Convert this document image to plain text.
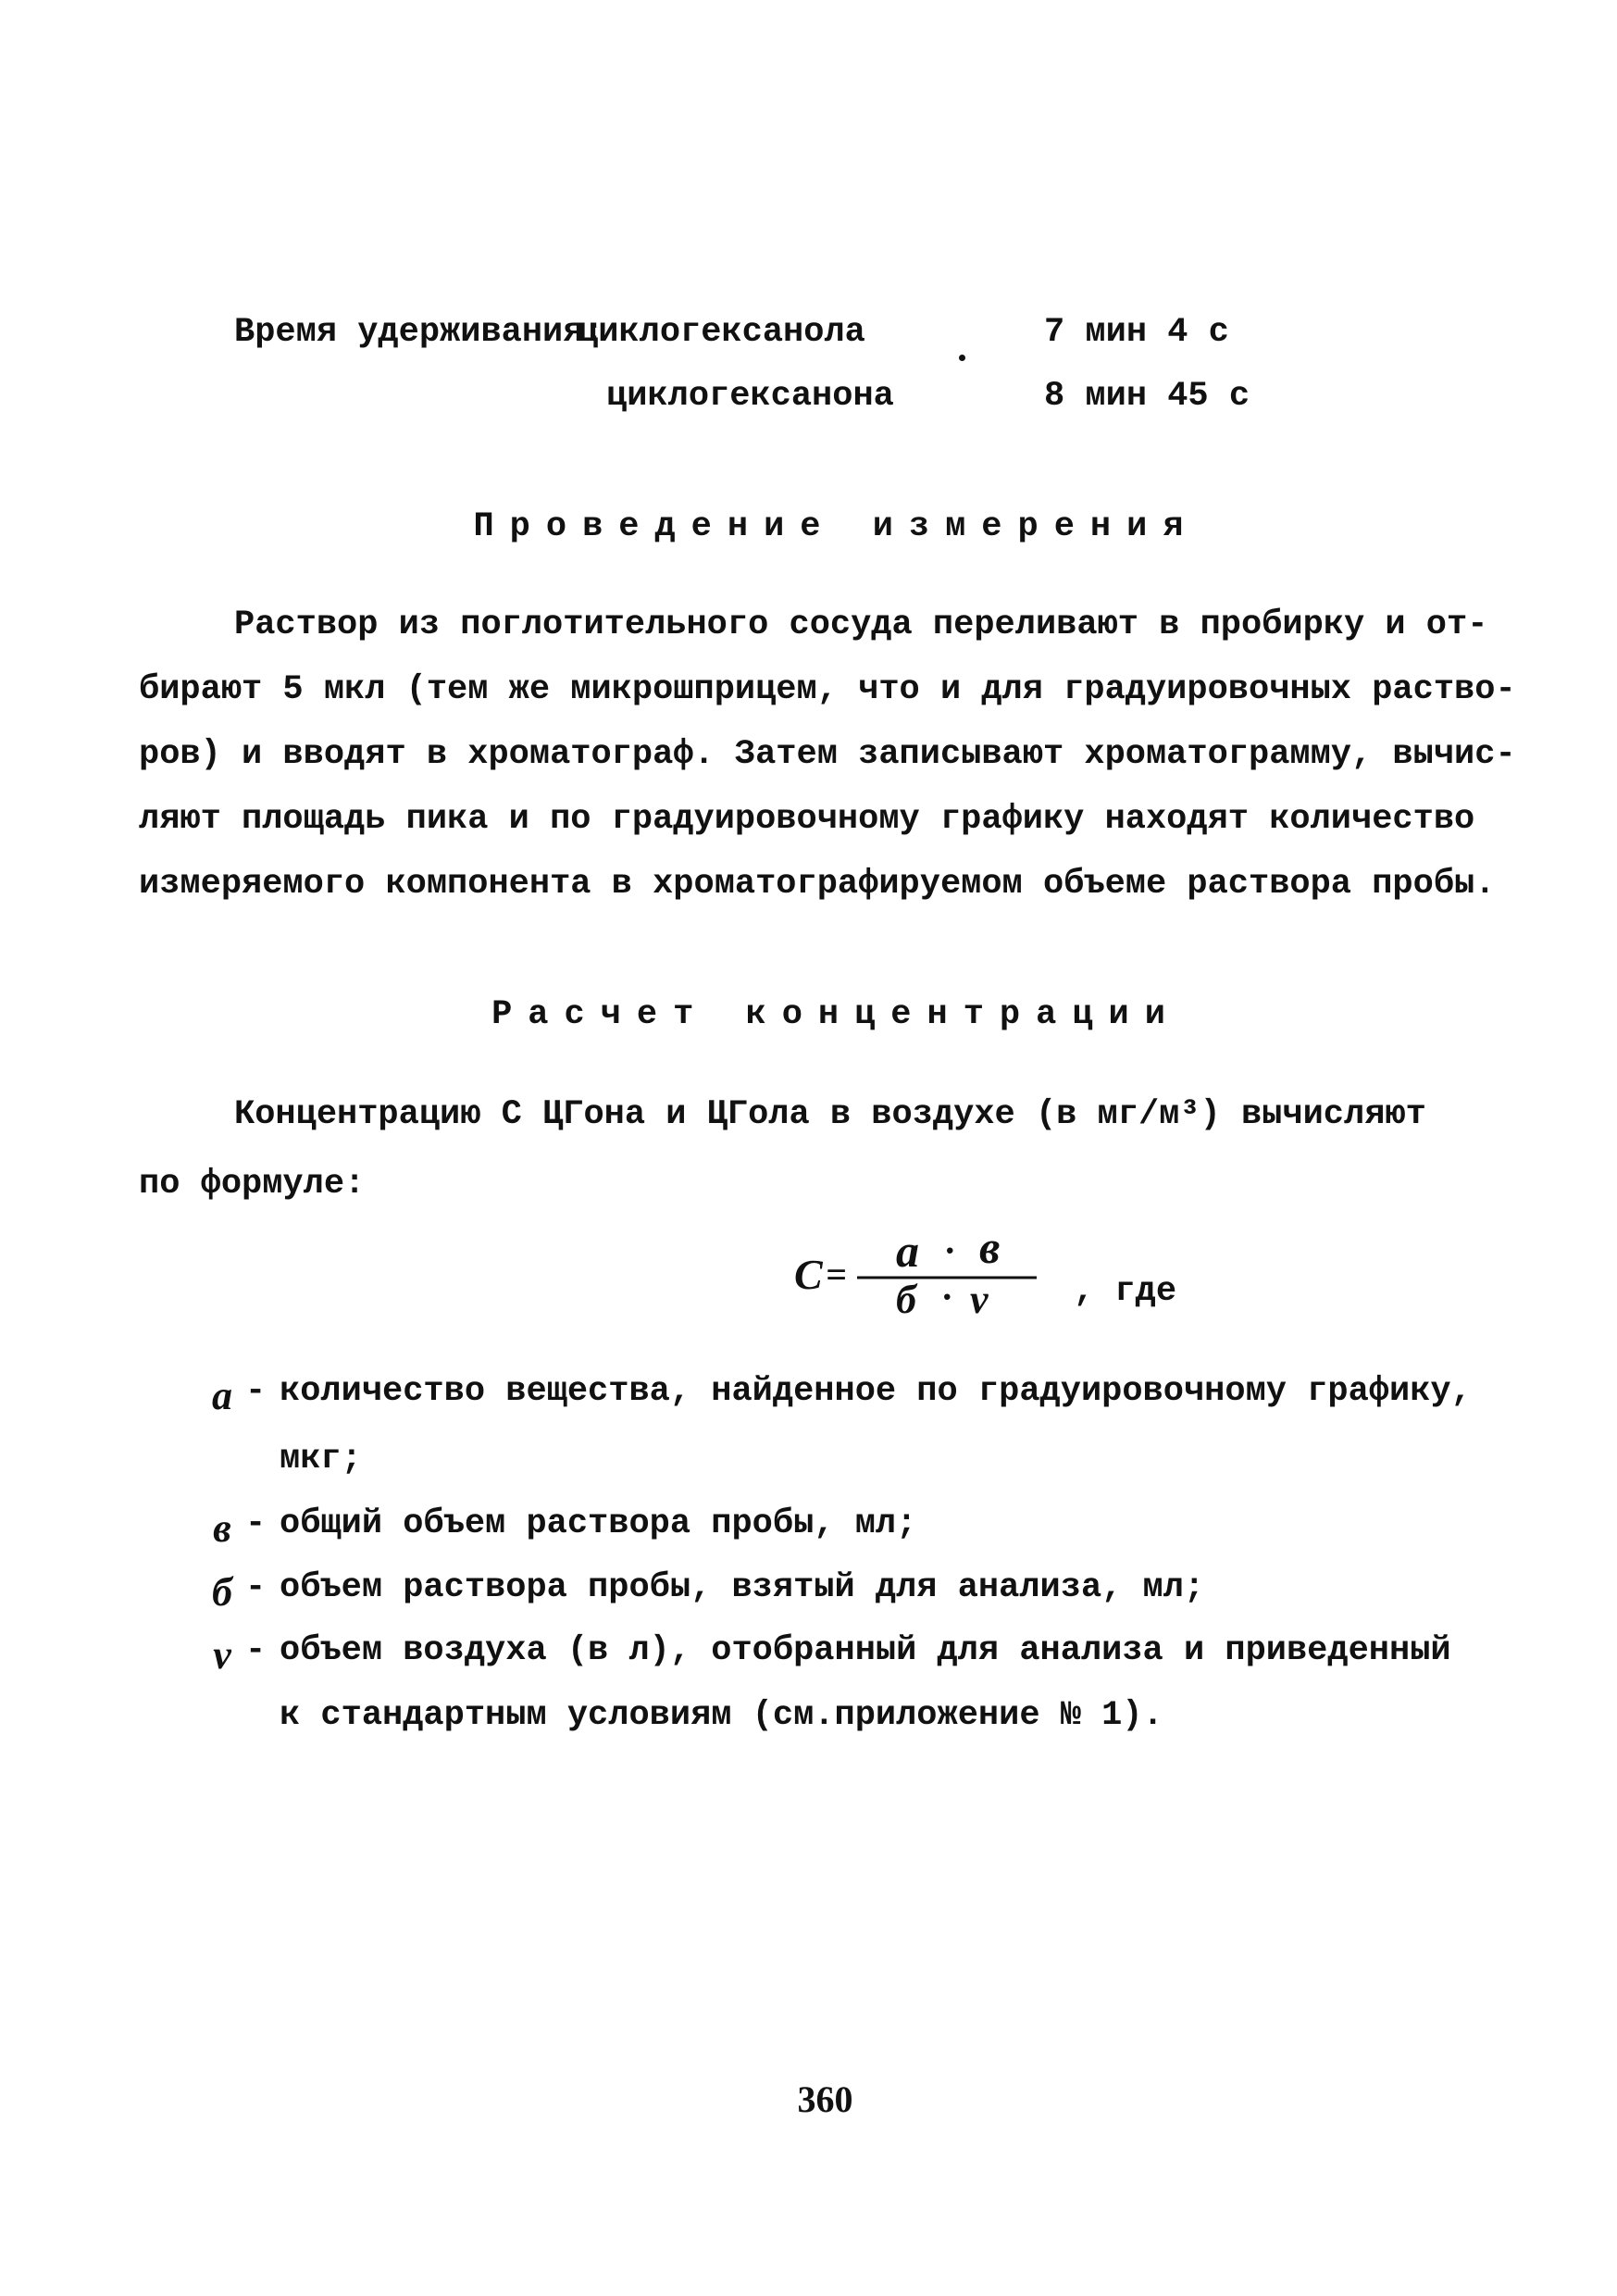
Время удерживания:
циклогексанола	7 мин 4 с
циклогексанона	8 мин 45 с
Проведение измерения
Раствор из поглотительного сосуда переливают в пробирку и от-
бирают 5 мкл (тем же микрошприцем, что и для градуировочных раство-
ров) и вводят в хроматограф. Затем записывают хроматограмму, вычис-
ляют площадь пика и по градуировочному графику находят количество
измеряемого компонента в хроматографируемом объеме раствора пробы.
Расчет концентрации
Концентрацию С ЦГона и ЦГола в воздухе (в мг/м³) вычисляют
по формуле:
С = a · в
б · v , где
a - количество вещества, найденное по градуировочному графику,
мкг;
в - общий объем раствора пробы, мл;
б - объем раствора пробы, взятый для анализа, мл;
v - объем воздуха (в л), отобранный для анализа и приведенный
к стандартным условиям (см.приложение № 1).
360
